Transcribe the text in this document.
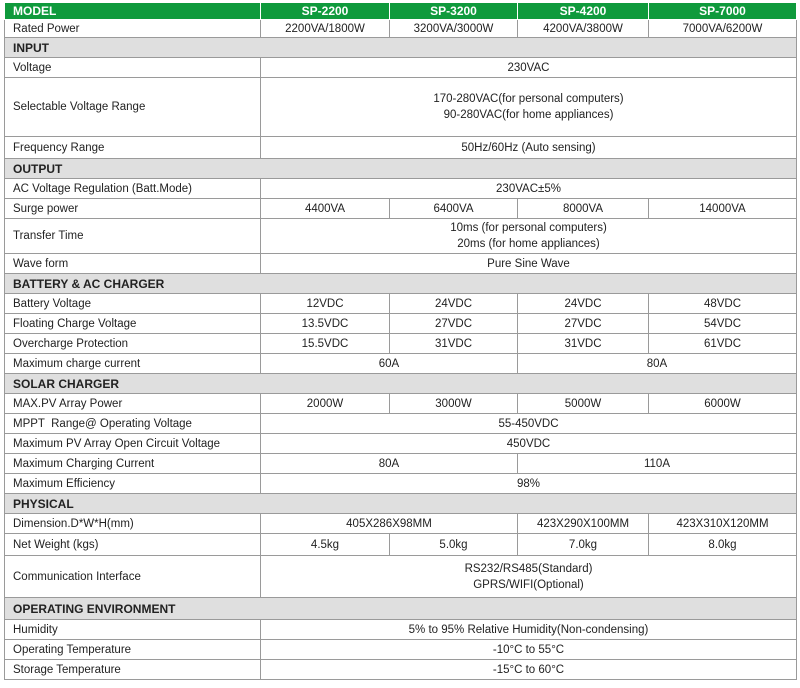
MODEL	SP-2200	SP-3200	SP-4200	SP-7000
Rated Power	2200VA/1800W	3200VA/3000W	4200VA/3800W	7000VA/6200W
INPUT				
Voltage	230VAC			
Selectable Voltage Range	170-280VAC(for personal computers)
90-280VAC(for home appliances)			

Frequency Range	50Hz/60Hz (Auto sensing)			
OUTPUT				
AC Voltage Regulation (Batt.Mode)	230VAC±5%			
Surge power	4400VA	6400VA	8000VA	14000VA
Transfer Time	10ms (for personal computers)
20ms (for home appliances)			

Wave form	Pure Sine Wave			
BATTERY & AC CHARGER				
Battery Voltage	12VDC	24VDC	24VDC	48VDC
Floating Charge Voltage	13.5VDC	27VDC	27VDC	54VDC
Overcharge Protection	15.5VDC	31VDC	31VDC	61VDC
Maximum charge current	60A		80A	
SOLAR CHARGER				
MAX.PV Array Power	2000W	3000W	5000W	6000W
MPPT  Range@ Operating Voltage	55-450VDC			
Maximum PV Array Open Circuit Voltage	450VDC			
Maximum Charging Current	80A		110A	
Maximum Efficiency	98%			
PHYSICAL				
Dimension.D*W*H(mm)	405X286X98MM		423X290X100MM	423X310X120MM
Net Weight (kgs)	4.5kg	5.0kg	7.0kg	8.0kg
Communication Interface	RS232/RS485(Standard)
GPRS/WIFI(Optional)			

OPERATING ENVIRONMENT				
Humidity	5% to 95% Relative Humidity(Non-condensing)			
Operating Temperature	-10°C to 55°C			
Storage Temperature	-15°C to 60°C			
